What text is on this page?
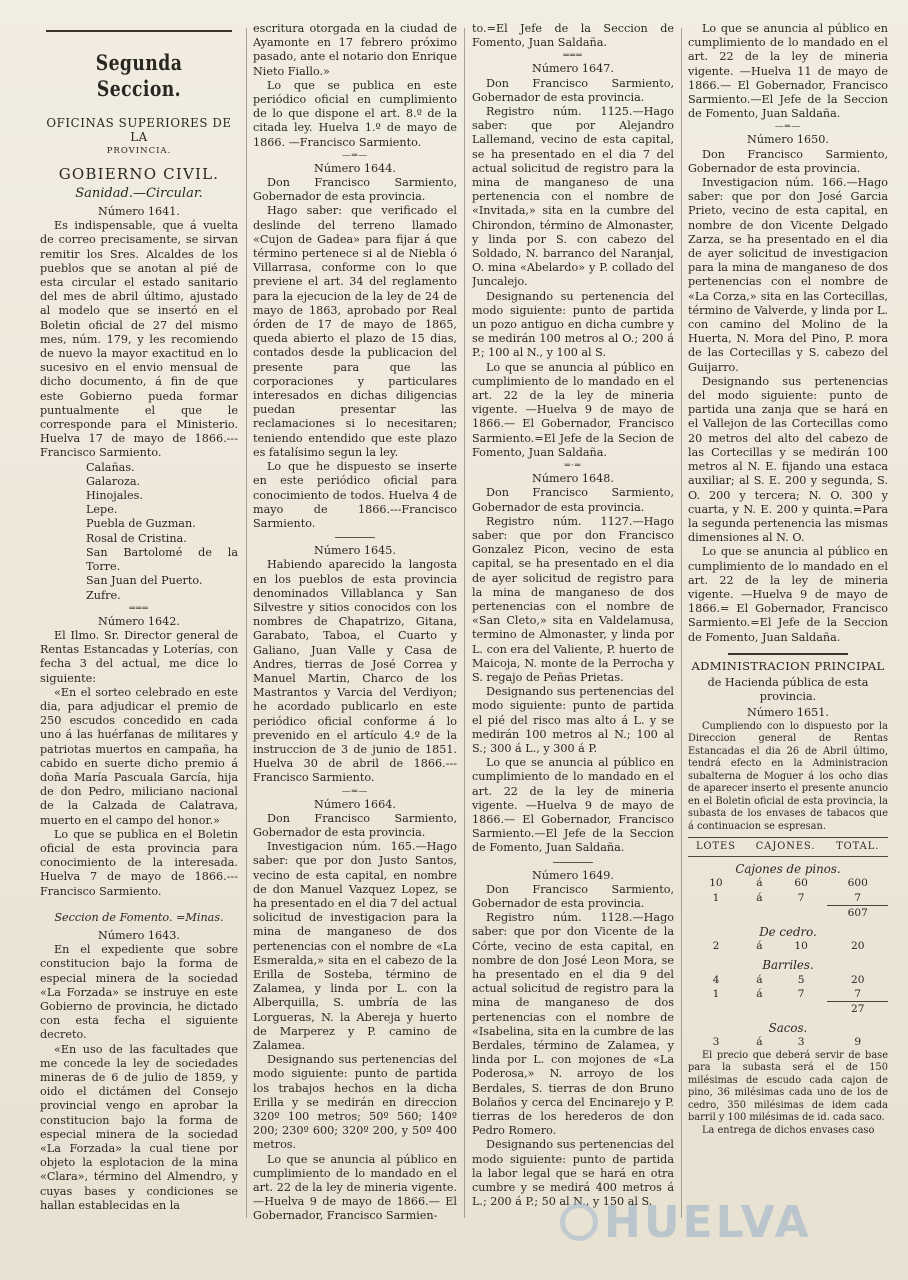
Segunda Seccion.
OFICINAS SUPERIORES DE LA
PROVINCIA.
GOBIERNO CIVIL.
Sanidad.—Circular.
Número 1641.

Es indispensable, que á vuelta de correo precisamente, se sirvan remitir los Sres. Alcaldes de los pueblos que se anotan al pié de esta circular el estado sanitario del mes de abril último, ajustado al modelo que se insertó en el Boletin oficial de 27 del mismo mes, núm. 179, y les recomiendo de nuevo la mayor exactitud en lo sucesivo en el envio mensual de dicho documento, á fin de que este Gobierno pueda formar puntualmente el que le corresponde para el Ministerio. Huelva 17 de mayo de 1866.---Francisco Sarmiento.

Calañas.
Galaroza.
Hinojales.
Lepe.
Puebla de Guzman.
Rosal de Cristina.
San Bartolomé de la Torre.
San Juan del Puerto.
Zufre.
═══
Número 1642.

El Ilmo. Sr. Director general de Rentas Estancadas y Loterías, con fecha 3 del actual, me dice lo siguiente:

«En el sorteo celebrado en este dia, para adjudicar el premio de 250 escudos concedido en cada uno á las huérfanas de militares y patriotas muertos en campaña, ha cabido en suerte dicho premio á doña María Pascuala García, hija de don Pedro, miliciano nacional de la Calzada de Calatrava, muerto en el campo del honor.»

Lo que se publica en el Boletin oficial de esta provincia para conocimiento de la interesada. Huelva 7 de mayo de 1866.---Francisco Sarmiento.

Seccion de Fomento. =Minas.
Número 1643.

En el expediente que sobre constitucion bajo la forma de especial minera de la sociedad «La Forzada» se instruye en este Gobierno de provincia, he dictado con esta fecha el siguiente decreto.

«En uso de las facultades que me concede la ley de sociedades mineras de 6 de julio de 1859, y oido el dictámen del Consejo provincial vengo en aprobar la constitucion bajo la forma de especial minera de la sociedad «La Forzada» la cual tiene por objeto la esplotacion de la mina «Clara», término del Almendro, y cuyas bases y condiciones se hallan establecidas en la

escritura otorgada en la ciudad de Ayamonte en 17 febrero próximo pasado, ante el notario don Enrique Nieto Fiallo.»

Lo que se publica en este periódico oficial en cumplimiento de lo que dispone el art. 8.º de la citada ley. Huelva 1.º de mayo de 1866. —Francisco Sarmiento.

—═—
Número 1644.

Don Francisco Sarmiento, Gobernador de esta provincia.

Hago saber: que verificado el deslinde del terreno llamado «Cujon de Gadea» para fijar á que término pertenece si al de Niebla ó Villarrasa, conforme con lo que previene el art. 34 del reglamento para la ejecucion de la ley de 24 de mayo de 1863, aprobado por Real órden de 17 de mayo de 1865, queda abierto el plazo de 15 dias, contados desde la publicacion del presente para que las corporaciones y particulares interesados en dichas diligencias puedan presentar las reclamaciones si lo necesitaren; teniendo entendido que este plazo es fatalísimo segun la ley.

Lo que he dispuesto se inserte en este periódico oficial para conocimiento de todos. Huelva 4 de mayo de 1866.---Francisco Sarmiento.

Número 1645.

Habiendo aparecido la langosta en los pueblos de esta provincia denominados Villablanca y San Silvestre y sitios conocidos con los nombres de Chapatrizo, Gitana, Garabato, Taboa, el Cuarto y Galiano, Juan Valle y Casa de Andres, tierras de José Correa y Manuel Martin, Charco de los Mastrantos y Varcia del Verdiyon; he acordado publicarlo en este periódico oficial conforme á lo prevenido en el artículo 4.º de la instruccion de 3 de junio de 1851. Huelva 30 de abril de 1866.---Francisco Sarmiento.

—═—
Número 1664.

Don Francisco Sarmiento, Gobernador de esta provincia.

Investigacion núm. 165.—Hago saber: que por don Justo Santos, vecino de esta capital, en nombre de don Manuel Vazquez Lopez, se ha presentado en el dia 7 del actual solicitud de investigacion para la mina de manganeso de dos pertenencias con el nombre de «La Esmeralda,» sita en el cabezo de la Erilla de Sosteba, término de Zalamea, y linda por L. con la Alberquilla, S. umbría de las Lorgueras, N. la Abereja y huerto de Marperez y P. camino de Zalamea.

Designando sus pertenencias del modo siguiente: punto de partida los trabajos hechos en la dicha Erilla y se medirán en direccion 320º 100 metros; 50º 560; 140º 200; 230º 600; 320º 200, y 50º 400 metros.

Lo que se anuncia al público en cumplimiento de lo mandado en el art. 22 de la ley de mineria vigente. —Huelva 9 de mayo de 1866.— El Gobernador, Francisco Sarmien-

to.=El Jefe de la Seccion de Fomento, Juan Saldaña.

═══
Número 1647.

Don Francisco Sarmiento, Gobernador de esta provincia.

Registro núm. 1125.—Hago saber: que por Alejandro Lallemand, vecino de esta capital, se ha presentado en el dia 7 del actual solicitud de registro para la mina de manganeso de una pertenencia con el nombre de «Invitada,» sita en la cumbre del Chirondon, término de Almonaster, y linda por S. con cabezo del Soldado, N. barranco del Naranjal, O. mina «Abelardo» y P. collado del Juncalejo.

Designando su pertenencia del modo siguiente: punto de partida un pozo antiguo en dicha cumbre y se medirán 100 metros al O.; 200 á P.; 100 al N., y 100 al S.

Lo que se anuncia al público en cumplimiento de lo mandado en el art. 22 de la ley de mineria vigente. —Huelva 9 de mayo de 1866.— El Gobernador, Francisco Sarmiento.=El Jefe de la Secion de Fomento, Juan Saldaña.

═·═
Número 1648.

Don Francisco Sarmiento, Gobernador de esta provincia.

Registro núm. 1127.—Hago saber: que por don Francisco Gonzalez Picon, vecino de esta capital, se ha presentado en el dia de ayer solicitud de registro para la mina de manganeso de dos pertenencias con el nombre de «San Cleto,» sita en Valdelamusa, termino de Almonaster, y linda por L. con era del Valiente, P. huerto de Maicoja, N. monte de la Perrocha y S. regajo de Peñas Prietas.

Designando sus pertenencias del modo siguiente: punto de partida el pié del risco mas alto á L. y se medirán 100 metros al N.; 100 al S.; 300 á L., y 300 á P.

Lo que se anuncia al público en cumplimiento de lo mandado en el art. 22 de la ley de mineria vigente. —Huelva 9 de mayo de 1866.— El Gobernador, Francisco Sarmiento.—El Jefe de la Seccion de Fomento, Juan Saldaña.

Número 1649.

Don Francisco Sarmiento, Gobernador de esta provincia.

Registro núm. 1128.—Hago saber: que por don Vicente de la Córte, vecino de esta capital, en nombre de don José Leon Mora, se ha presentado en el dia 9 del actual solicitud de registro para la mina de manganeso de dos pertenencias con el nombre de «Isabelina, sita en la cumbre de las Berdales, término de Zalamea, y linda por L. con mojones de «La Poderosa,» N. arroyo de los Berdales, S. tierras de don Bruno Bolaños y cerca del Encinarejo y P. tierras de los herederos de don Pedro Romero.

Designando sus pertenencias del modo siguiente: punto de partida la labor legal que se hará en otra cumbre y se medirá 400 metros á L.; 200 á P.; 50 al N., y 150 al S.

Lo que se anuncia al público en cumplimiento de lo mandado en el art. 22 de la ley de mineria vigente. —Huelva 11 de mayo de 1866.— El Gobernador, Francisco Sarmiento.—El Jefe de la Seccion de Fomento, Juan Saldaña.

—═—
Número 1650.

Don Francisco Sarmiento, Gobernador de esta provincia.

Investigacion núm. 166.—Hago saber: que por don José Garcia Prieto, vecino de esta capital, en nombre de don Vicente Delgado Zarza, se ha presentado en el dia de ayer solicitud de investigacion para la mina de manganeso de dos pertenencias con el nombre de «La Corza,» sita en las Cortecillas, término de Valverde, y linda por L. con camino del Molino de la Huerta, N. Mora del Pino, P. mora de las Cortecillas y S. cabezo del Guijarro.

Designando sus pertenencias del modo siguiente: punto de partida una zanja que se hará en el Vallejon de las Cortecillas como 20 metros del alto del cabezo de las Cortecillas y se medirán 100 metros al N. E. fijando una estaca auxiliar; al S. E. 200 y segunda, S. O. 200 y tercera; N. O. 300 y cuarta, y N. E. 200 y quinta.=Para la segunda pertenencia las mismas dimensiones al N. O.

Lo que se anuncia al público en cumplimiento de lo mandado en el art. 22 de la ley de mineria vigente. —Huelva 9 de mayo de 1866.= El Gobernador, Francisco Sarmiento.=El Jefe de la Seccion de Fomento, Juan Saldaña.

ADMINISTRACION PRINCIPAL
de Hacienda pública de esta provincia.
Número 1651.

Cumpliendo con lo dispuesto por la Direccion general de Rentas Estancadas el dia 26 de Abril último, tendrá efecto en la Administracion subalterna de Moguer á los ocho dias de aparecer inserto el presente anuncio en el Boletin oficial de esta provincia, la subasta de los envases de tabacos que á continuacion se espresan.

LOTES	CAJONES.		TOTAL.
Cajones de pinos.			
10	á	60	600
1	á	7	7
			607
De cedro.			
2	á	10	20
Barriles.			
4	á	5	20
1	á	7	7
			27
Sacos.			
3	á	3	9

El precio que deberá servir de base para la subasta será el de 150 milésimas de escudo cada cajon de pino, 36 milésimas cada uno de los de cedro, 350 milésimas de idem cada barril y 100 milésimas de id. cada saco.

La entrega de dichos envases caso

HUELVA
